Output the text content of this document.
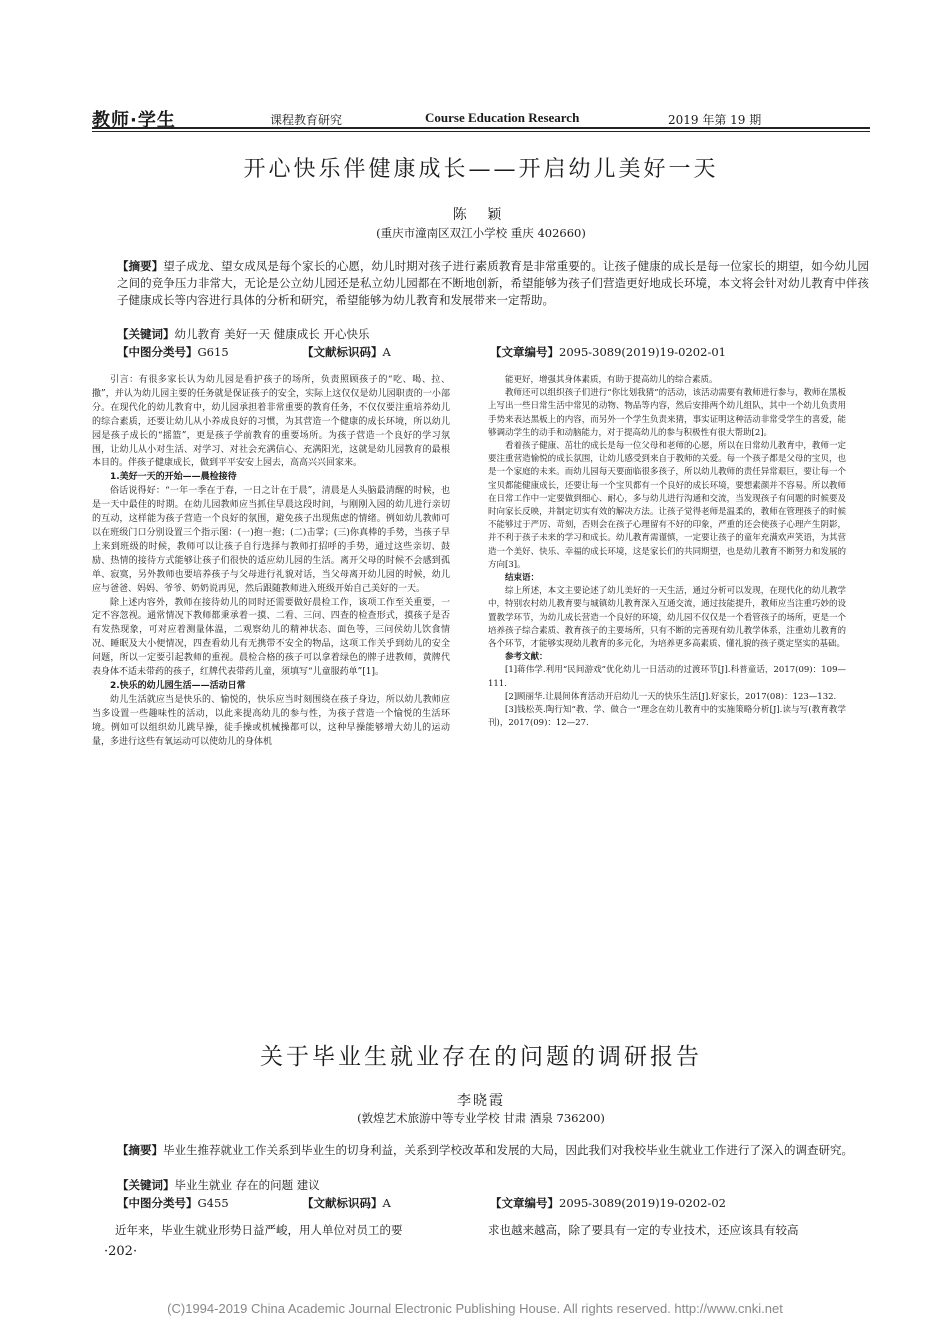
教师·学生	课程教育研究	Course Education Research	2019 年第 19 期
开心快乐伴健康成长——开启幼儿美好一天
陈 颖
(重庆市潼南区双江小学校 重庆 402660)
【摘要】望子成龙、望女成凤是每个家长的心愿，幼儿时期对孩子进行素质教育是非常重要的。让孩子健康的成长是每一位家长的期望，如今幼儿园之间的竞争压力非常大，无论是公立幼儿园还是私立幼儿园都在不断地创新，希望能够为孩子们营造更好地成长环境，本文将会针对幼儿教育中伴孩子健康成长等内容进行具体的分析和研究，希望能够为幼儿教育和发展带来一定帮助。
【关键词】幼儿教育 美好一天 健康成长 开心快乐
【中图分类号】G615	【文献标识码】A	【文章编号】2095-3089(2019)19-0202-01

引言：有很多家长认为幼儿园是看护孩子的场所，负责照顾孩子的“吃、喝、拉、撒”，并认为幼儿园主要的任务就是保证孩子的安全，实际上这仅仅是幼儿园职责的一小部分。在现代化的幼儿教育中，幼儿园承担着非常重要的教育任务，不仅仅要注重培养幼儿的综合素质，还要让幼儿从小养成良好的习惯，为其营造一个健康的成长环境，所以幼儿园是孩子成长的“摇篮”，更是孩子学前教育的重要场所。为孩子营造一个良好的学习氛围，让幼儿从小对生活、对学习、对社会充满信心、充满阳光，这就是幼儿园教育的最根本目的。伴孩子健康成长，做到平平安安上园去，高高兴兴回家来。

1.美好一天的开始——晨检接待

俗话说得好：“一年一季在于春，一日之计在于晨”，清晨是人头脑最清醒的时候，也是一天中最佳的时期。在幼儿园教师应当抓住早晨这段时间，与刚刚入园的幼儿进行亲切的互动，这样能为孩子营造一个良好的氛围，避免孩子出现焦虑的情绪。例如幼儿教师可以在班级门口分别设置三个指示图：(一)抱一抱；(二)击掌；(三)你真棒的手势，当孩子早上来到班级的时候，教师可以让孩子自行选择与教师打招呼的手势，通过这些亲切、鼓励、热情的接待方式能够让孩子们很快的适应幼儿园的生活。离开父母的时候不会感到孤单、寂寞，另外教师也要培养孩子与父母进行礼貌对话，当父母离开幼儿园的时候，幼儿应与爸爸、妈妈、爷爷、奶奶说再见，然后跟随教师进入班级开始自己美好的一天。

除上述内容外，教师在接待幼儿的同时还需要做好晨检工作，该项工作至关重要，一定不容忽视。通常情况下教师都秉承着一摸、二看、三问、四查的检查形式，摸孩子是否有发热现象，可对应着测量体温，二观察幼儿的精神状态、面色等，三问侯幼儿饮食情况、睡眠及大小便情况，四查看幼儿有无携带不安全的物品，这项工作关乎到幼儿的安全问题，所以一定要引起教师的重视。晨检合格的孩子可以拿着绿色的牌子进教师，黄牌代表身体不适未带药的孩子，红牌代表带药儿童，须填写“儿童服药单”[1]。

2.快乐的幼儿园生活——活动日常

幼儿生活就应当是快乐的、愉悦的，快乐应当时刻围绕在孩子身边，所以幼儿教师应当多设置一些趣味性的活动，以此来提高幼儿的参与性，为孩子营造一个愉悦的生活环境。例如可以组织幼儿跳早操，徒手操或机械操都可以，这种早操能够增大幼儿的运动量，多进行这些有氧运动可以使幼儿的身体机

能更好，增强其身体素质，有助于提高幼儿的综合素质。

教师还可以组织孩子们进行“你比划我猜”的活动，该活动需要有教师进行参与，教师在黑板上写出一些日常生活中常见的动物、物品等内容，然后安排两个幼儿组队，其中一个幼儿负责用手势来表达黑板上的内容，而另外一个学生负责来猜，事实证明这种活动非常受学生的喜爱，能够调动学生的动手和动脑能力，对于提高幼儿的参与积极性有很大帮助[2]。

看着孩子健康、茁壮的成长是每一位父母和老师的心愿，所以在日常幼儿教育中，教师一定要注重营造愉悦的成长氛围，让幼儿感受到来自于教师的关爱。每一个孩子都是父母的宝贝，也是一个家庭的未来。而幼儿园每天要面临很多孩子，所以幼儿教师的责任异常艰巨，要让每一个宝贝都能健康成长，还要让每一个宝贝都有一个良好的成长环境，要想素颜并不容易。所以教师在日常工作中一定要做到细心、耐心，多与幼儿进行沟通和交流，当发现孩子有问题的时候要及时向家长反映，并制定切实有效的解决方法。让孩子觉得老师是温柔的，教师在管理孩子的时候不能够过于严厉、苛刻，否则会在孩子心理留有不好的印象，严重的还会使孩子心理产生阴影，并不利于孩子未来的学习和成长。幼儿教育需谨慎，一定要让孩子的童年充满欢声笑语，为其营造一个美好、快乐、幸福的成长环境，这是家长们的共同期望，也是幼儿教育不断努力和发展的方向[3]。

结束语：

综上所述，本文主要论述了幼儿美好的一天生活，通过分析可以发现，在现代化的幼儿教学中，特别农村幼儿教育要与城镇幼儿教育深入互通交流，通过技能提升，教师应当注重巧妙的设置教学环节，为幼儿成长营造一个良好的环境，幼儿园不仅仅是一个看管孩子的场所，更是一个培养孩子综合素质、教育孩子的主要场所，只有不断的完善现有幼儿教学体系，注重幼儿教育的各个环节，才能够实现幼儿教育的多元化，为培养更多高素质、懂礼貌的孩子奠定坚实的基础。

参考文献：

[1]蒋伟学.利用“民间游戏”优化幼儿一日活动的过渡环节[J].科普童话，2017(09)：109—111.

[2]顾丽华.让晨间体育活动开启幼儿一天的快乐生活[J].好家长，2017(08)：123—132.

[3]钱松英.陶行知“教、学、做合一”理念在幼儿教育中的实施策略分析[J].读与写(教育教学刊)，2017(09)：12—27.

关于毕业生就业存在的问题的调研报告
李晓霞
(敦煌艺术旅游中等专业学校 甘肃 酒泉 736200)
【摘要】毕业生推荐就业工作关系到毕业生的切身利益，关系到学校改革和发展的大局，因此我们对我校毕业生就业工作进行了深入的调查研究。
【关键词】毕业生就业 存在的问题 建议
【中图分类号】G455	【文献标识码】A	【文章编号】2095-3089(2019)19-0202-02

近年来，毕业生就业形势日益严峻，用人单位对员工的要	求也越来越高，除了要具有一定的专业技术，还应该具有较高

·202·
(C)1994-2019 China Academic Journal Electronic Publishing House. All rights reserved. http://www.cnki.net
